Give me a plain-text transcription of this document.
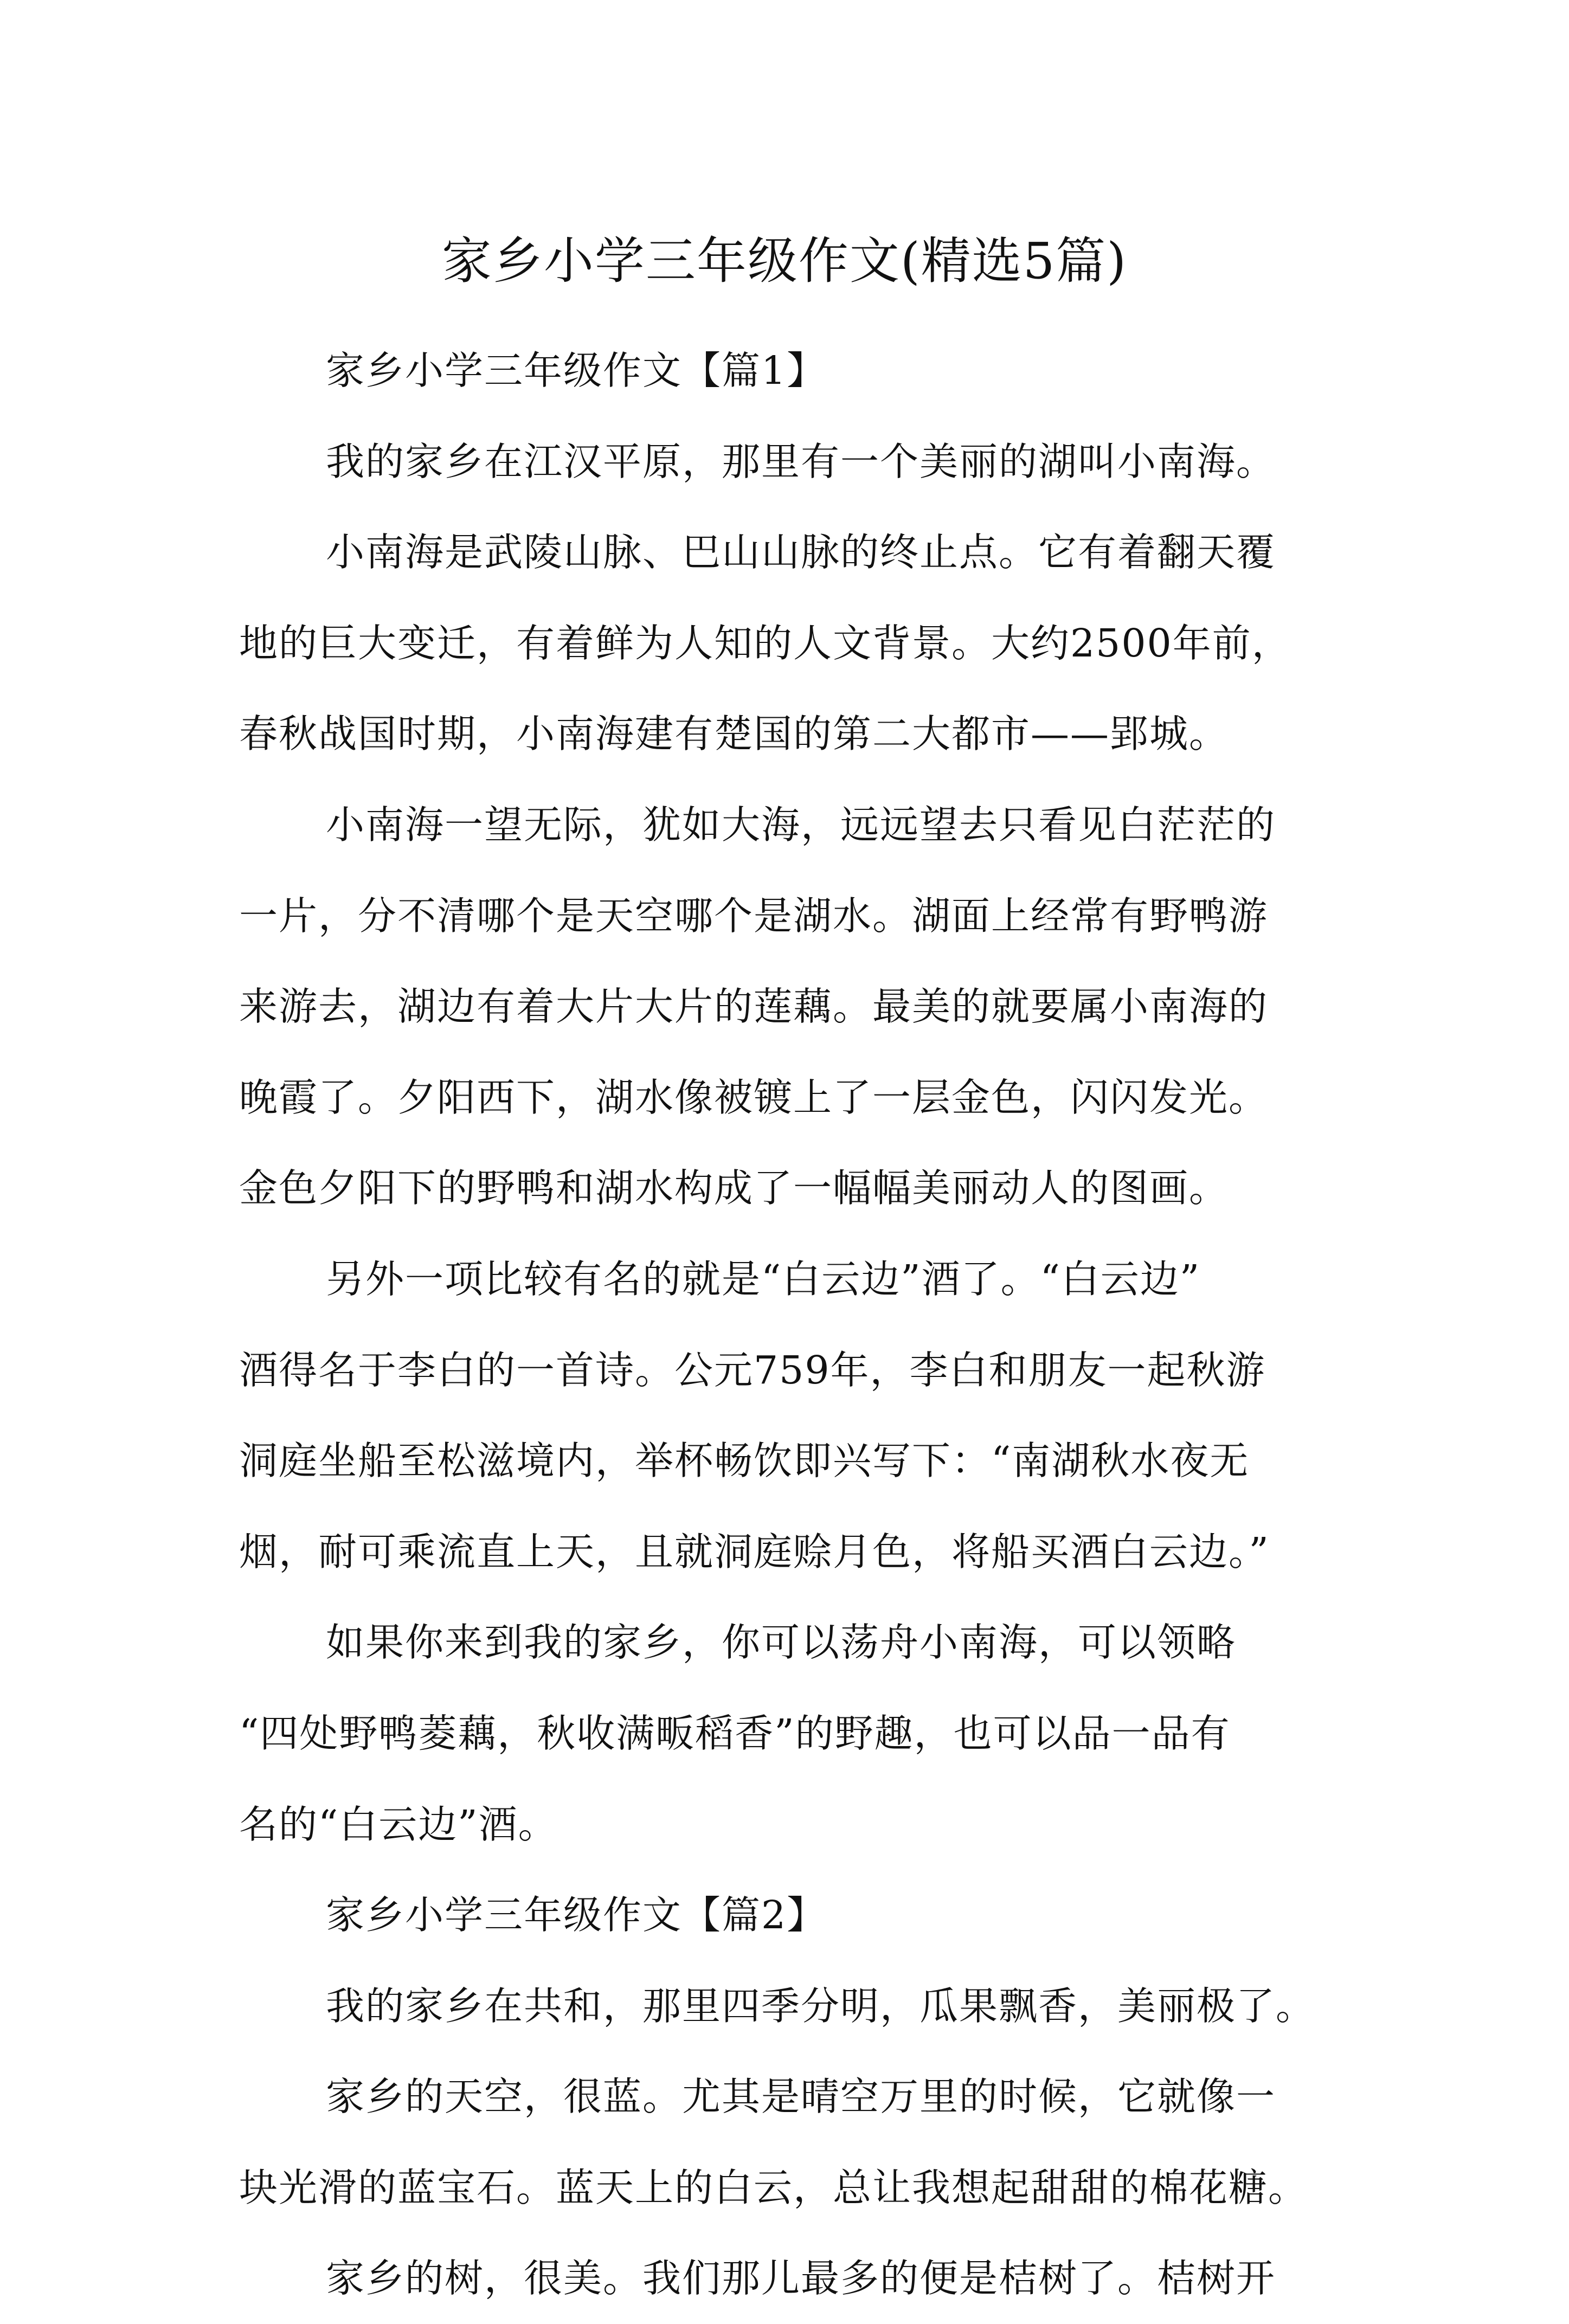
家乡小学三年级作文(精选5篇)

家乡小学三年级作文【篇1】

我的家乡在江汉平原，那里有一个美丽的湖叫小南海。

小南海是武陵山脉、巴山山脉的终止点。它有着翻天覆

地的巨大变迁，有着鲜为人知的人文背景。大约2500年前，

春秋战国时期，小南海建有楚国的第二大都市——郢城。

小南海一望无际，犹如大海，远远望去只看见白茫茫的

一片，分不清哪个是天空哪个是湖水。湖面上经常有野鸭游

来游去，湖边有着大片大片的莲藕。最美的就要属小南海的

晚霞了。夕阳西下，湖水像被镀上了一层金色，闪闪发光。

金色夕阳下的野鸭和湖水构成了一幅幅美丽动人的图画。

另外一项比较有名的就是“白云边”酒了。“白云边”

酒得名于李白的一首诗。公元759年，李白和朋友一起秋游

洞庭坐船至松滋境内，举杯畅饮即兴写下：“南湖秋水夜无

烟，耐可乘流直上天，且就洞庭赊月色，将船买酒白云边。”

如果你来到我的家乡，你可以荡舟小南海，可以领略

“四处野鸭菱藕，秋收满畈稻香”的野趣，也可以品一品有

名的“白云边”酒。

家乡小学三年级作文【篇2】

我的家乡在共和，那里四季分明，瓜果飘香，美丽极了。

家乡的天空，很蓝。尤其是晴空万里的时候，它就像一

块光滑的蓝宝石。蓝天上的白云，总让我想起甜甜的棉花糖。

家乡的树，很美。我们那儿最多的便是桔树了。桔树开
